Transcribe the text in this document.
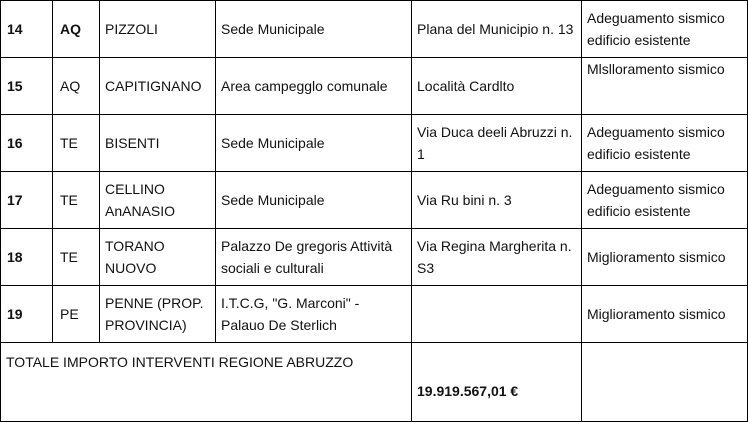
14	AQ	PIZZOLI	Sede Municipale	Plana del Municipio n. 13	Adeguamento sismico edificio esistente
15	AQ	CAPITIGNANO	Area campegglo comunale	Località Cardlto	Mlslloramento sismico
16	TE	BISENTI	Sede Municipale	Via Duca deeli Abruzzi n. 1	Adeguamento sismico edificio esistente
17	TE	CELLINO AnANASIO	Sede Municipale	Via Ru bini n. 3	Adeguamento sismico edificio esistente
18	TE	TORANO NUOVO	Palazzo De gregoris Attività sociali e culturali	Via Regina Margherita n. S3	Miglioramento sismico
19	PE	PENNE (PROP. PROVINCIA)	I.T.C.G, "G. Marconi" - Palauo De Sterlich		Miglioramento sismico
TOTALE IMPORTO INTERVENTI REGIONE ABRUZZO				19.919.567,01 €	
